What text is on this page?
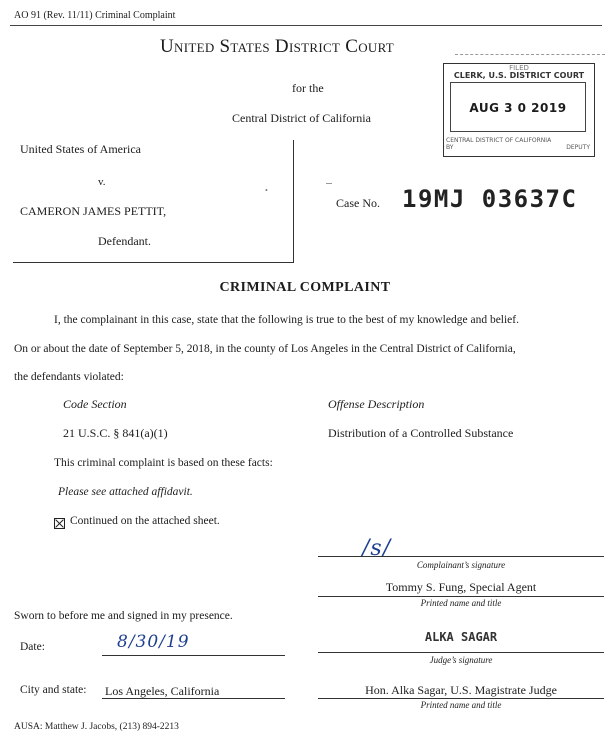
AO 91 (Rev. 11/11) Criminal Complaint
United States District Court
for the
Central District of California
AUG 3 0 2019
FILED
CLERK, U.S. DISTRICT COURT
CENTRAL DISTRICT OF CALIFORNIA
BY	DEPUTY
United States of America
v.
CAMERON JAMES PETTIT,
Defendant.
•
Case No. 19MJ 03637C
CRIMINAL COMPLAINT
I, the complainant in this case, state that the following is true to the best of my knowledge and belief.
On or about the date of September 5, 2018, in the county of Los Angeles in the Central District of California,
the defendants violated:
Code Section	Offense Description
21 U.S.C. § 841(a)(1)	Distribution of a Controlled Substance
This criminal complaint is based on these facts:
Please see attached affidavit.
Continued on the attached sheet.
/s/
Complainant’s signature
Tommy S. Fung, Special Agent
Printed name and title
Sworn to before me and signed in my presence.
Date:	8/30/19	ALKA SAGAR
Judge’s signature
City and state: Los Angeles, California	Hon. Alka Sagar, U.S. Magistrate Judge
Printed name and title
AUSA: Matthew J. Jacobs, (213) 894-2213
